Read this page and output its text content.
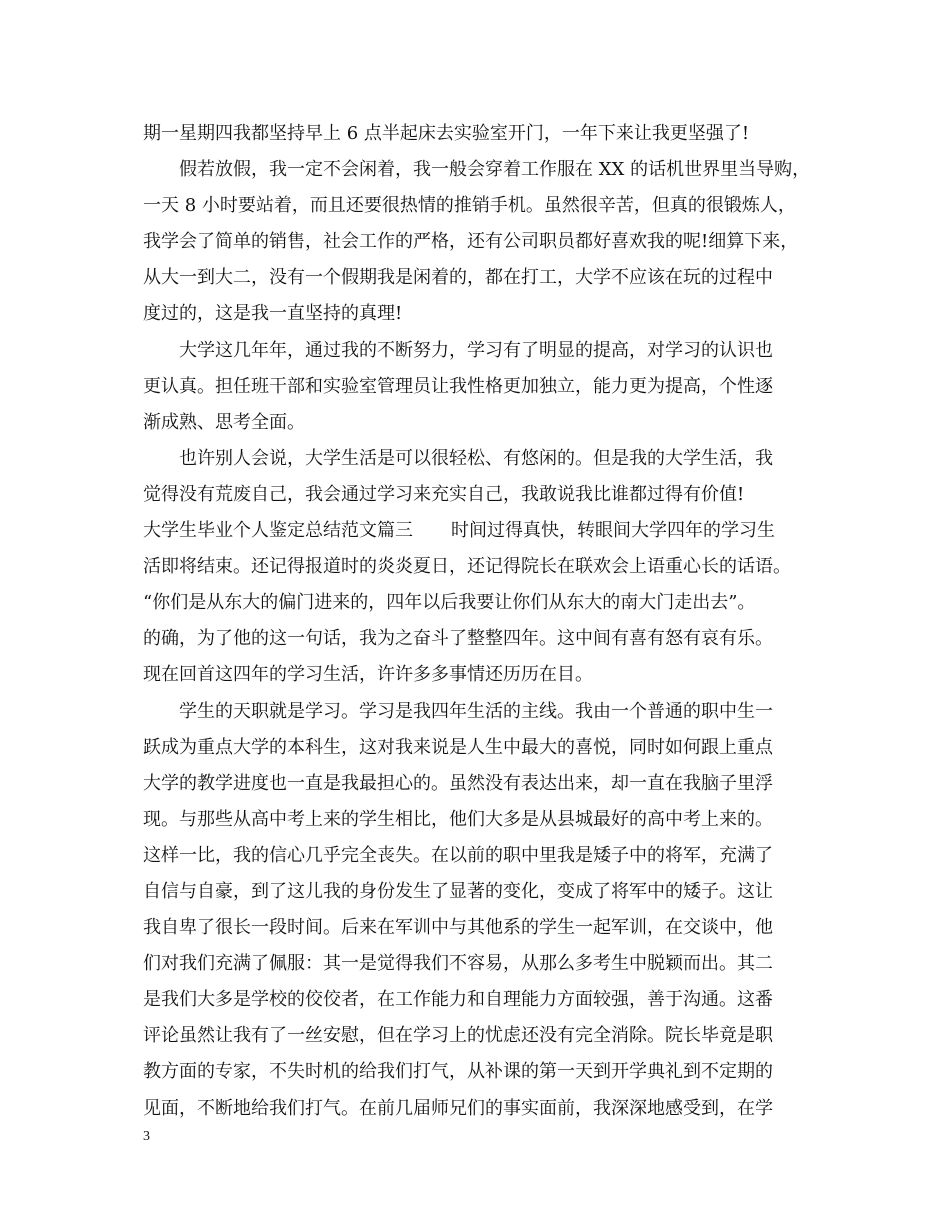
期一星期四我都坚持早上 6 点半起床去实验室开门，一年下来让我更坚强了!
假若放假，我一定不会闲着，我一般会穿着工作服在 XX 的话机世界里当导购，
一天 8 小时要站着，而且还要很热情的推销手机。虽然很辛苦，但真的很锻炼人，
我学会了简单的销售，社会工作的严格，还有公司职员都好喜欢我的呢!细算下来，
从大一到大二，没有一个假期我是闲着的，都在打工，大学不应该在玩的过程中
度过的，这是我一直坚持的真理!
大学这几年年，通过我的不断努力，学习有了明显的提高，对学习的认识也
更认真。担任班干部和实验室管理员让我性格更加独立，能力更为提高，个性逐
渐成熟、思考全面。
也许别人会说，大学生活是可以很轻松、有悠闲的。但是我的大学生活，我
觉得没有荒废自己，我会通过学习来充实自己，我敢说我比谁都过得有价值!
大学生毕业个人鉴定总结范文篇三 时间过得真快，转眼间大学四年的学习生
活即将结束。还记得报道时的炎炎夏日，还记得院长在联欢会上语重心长的话语。
“你们是从东大的偏门进来的，四年以后我要让你们从东大的南大门走出去”。
的确，为了他的这一句话，我为之奋斗了整整四年。这中间有喜有怒有哀有乐。
现在回首这四年的学习生活，许许多多事情还历历在目。
学生的天职就是学习。学习是我四年生活的主线。我由一个普通的职中生一
跃成为重点大学的本科生，这对我来说是人生中最大的喜悦，同时如何跟上重点
大学的教学进度也一直是我最担心的。虽然没有表达出来，却一直在我脑子里浮
现。与那些从高中考上来的学生相比，他们大多是从县城最好的高中考上来的。
这样一比，我的信心几乎完全丧失。在以前的职中里我是矮子中的将军，充满了
自信与自豪，到了这儿我的身份发生了显著的变化，变成了将军中的矮子。这让
我自卑了很长一段时间。后来在军训中与其他系的学生一起军训，在交谈中，他
们对我们充满了佩服：其一是觉得我们不容易，从那么多考生中脱颖而出。其二
是我们大多是学校的佼佼者，在工作能力和自理能力方面较强，善于沟通。这番
评论虽然让我有了一丝安慰，但在学习上的忧虑还没有完全消除。院长毕竟是职
教方面的专家，不失时机的给我们打气，从补课的第一天到开学典礼到不定期的
见面，不断地给我们打气。在前几届师兄们的事实面前，我深深地感受到，在学
3
